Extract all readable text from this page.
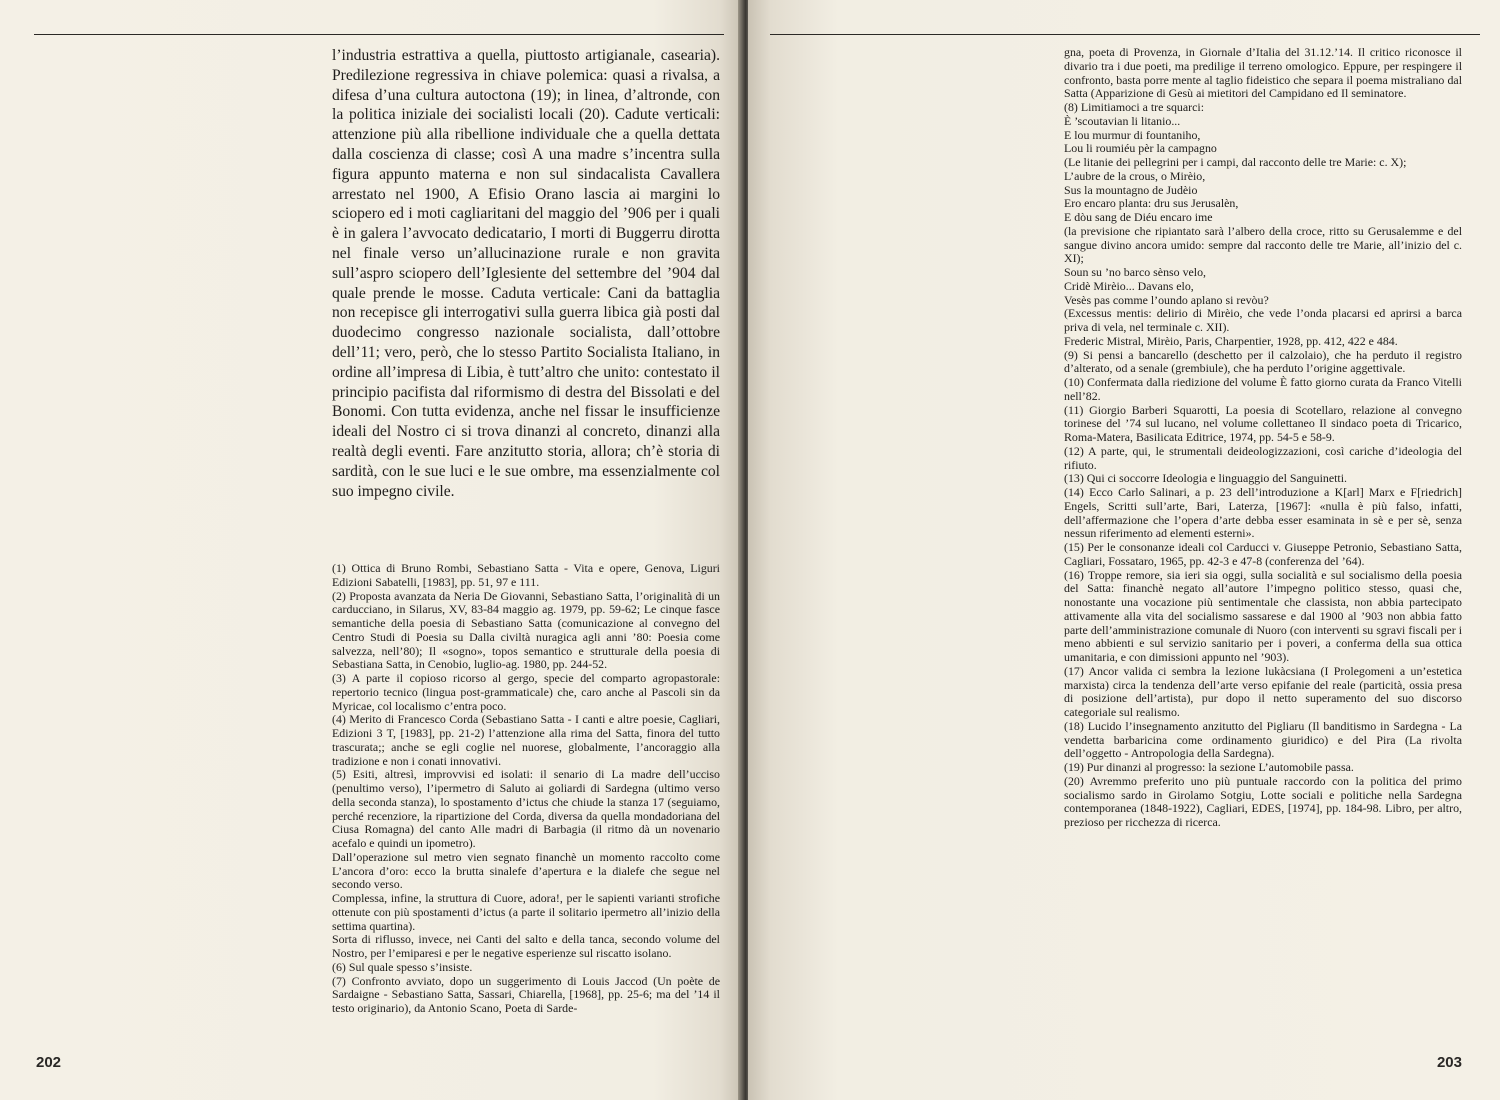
l’industria estrattiva a quella, piuttosto artigianale, casearia). Predilezione regressiva in chiave polemica: quasi a rivalsa, a difesa d’una cultura autoctona (19); in linea, d’altronde, con la politica iniziale dei socialisti locali (20). Cadute verticali: attenzione più alla ribellione individuale che a quella dettata dalla coscienza di classe; così A una madre s’incentra sulla figura appunto materna e non sul sindacalista Cavallera arrestato nel 1900, A Efisio Orano lascia ai margini lo sciopero ed i moti cagliaritani del maggio del ’906 per i quali è in galera l’avvocato dedicatario, I morti di Buggerru dirotta nel finale verso un’allucinazione rurale e non gravita sull’aspro sciopero dell’Iglesiente del settembre del ’904 dal quale prende le mosse. Caduta verticale: Cani da battaglia non recepisce gli interrogativi sulla guerra libica già posti dal duodecimo congresso nazionale socialista, dall’ottobre dell’11; vero, però, che lo stesso Partito Socialista Italiano, in ordine all’impresa di Libia, è tutt’altro che unito: contestato il principio pacifista dal riformismo di destra del Bissolati e del Bonomi. Con tutta evidenza, anche nel fissar le insufficienze ideali del Nostro ci si trova dinanzi al concreto, dinanzi alla realtà degli eventi. Fare anzitutto storia, allora; ch’è storia di sardità, con le sue luci e le sue ombre, ma essenzialmente col suo impegno civile.

(1) Ottica di Bruno Rombi, Sebastiano Satta - Vita e opere, Genova, Liguri Edizioni Sabatelli, [1983], pp. 51, 97 e 111.

(2) Proposta avanzata da Neria De Giovanni, Sebastiano Satta, l’originalità di un carducciano, in Silarus, XV, 83-84 maggio ag. 1979, pp. 59-62; Le cinque fasce semantiche della poesia di Sebastiano Satta (comunicazione al convegno del Centro Studi di Poesia su Dalla civiltà nuragica agli anni ’80: Poesia come salvezza, nell’80); Il «sogno», topos semantico e strutturale della poesia di Sebastiana Satta, in Cenobio, luglio-ag. 1980, pp. 244-52.

(3) A parte il copioso ricorso al gergo, specie del comparto agropastorale: repertorio tecnico (lingua post-grammaticale) che, caro anche al Pascoli sin da Myricae, col localismo c’entra poco.

(4) Merito di Francesco Corda (Sebastiano Satta - I canti e altre poesie, Cagliari, Edizioni 3 T, [1983], pp. 21-2) l’attenzione alla rima del Satta, finora del tutto trascurata;; anche se egli coglie nel nuorese, globalmente, l’ancoraggio alla tradizione e non i conati innovativi.

(5) Esiti, altresì, improvvisi ed isolati: il senario di La madre dell’ucciso (penultimo verso), l’ipermetro di Saluto ai goliardi di Sardegna (ultimo verso della seconda stanza), lo spostamento d’ictus che chiude la stanza 17 (seguiamo, perché recenziore, la ripartizione del Corda, diversa da quella mondadoriana del Ciusa Romagna) del canto Alle madri di Barbagia (il ritmo dà un novenario acefalo e quindi un ipometro).

Dall’operazione sul metro vien segnato financhè un momento raccolto come L’ancora d’oro: ecco la brutta sinalefe d’apertura e la dialefe che segue nel secondo verso.

Complessa, infine, la struttura di Cuore, adora!, per le sapienti varianti strofiche ottenute con più spostamenti d’ictus (a parte il solitario ipermetro all’inizio della settima quartina).

Sorta di riflusso, invece, nei Canti del salto e della tanca, secondo volume del Nostro, per l’emiparesi e per le negative esperienze sul riscatto isolano.

(6) Sul quale spesso s’insiste.

(7) Confronto avviato, dopo un suggerimento di Louis Jaccod (Un poète de Sardaigne - Sebastiano Satta, Sassari, Chiarella, [1968], pp. 25-6; ma del ’14 il testo originario), da Antonio Scano, Poeta di Sarde-

202

gna, poeta di Provenza, in Giornale d’Italia del 31.12.’14. Il critico riconosce il divario tra i due poeti, ma predilige il terreno omologico. Eppure, per respingere il confronto, basta porre mente al taglio fideistico che separa il poema mistraliano dal Satta (Apparizione di Gesù ai mietitori del Campidano ed Il seminatore.

(8) Limitiamoci a tre squarci:

È ’scoutavian li litanio...

E lou murmur di fountaniho,

Lou li roumiéu pèr la campagno

(Le litanie dei pellegrini per i campi, dal racconto delle tre Marie: c. X);

L’aubre de la crous, o Mirèio,

Sus la mountagno de Judèio

Ero encaro planta: dru sus Jerusalèn,

E dòu sang de Diéu encaro ime

(la previsione che ripiantato sarà l’albero della croce, ritto su Gerusalemme e del sangue divino ancora umido: sempre dal racconto delle tre Marie, all’inizio del c. XI);

Soun su ’no barco sènso velo,

Cridè Mirèio... Davans elo,

Vesès pas comme l’oundo aplano si revòu?

(Excessus mentis: delirio di Mirèio, che vede l’onda placarsi ed aprirsi a barca priva di vela, nel terminale c. XII).

Frederic Mistral, Mirèio, Paris, Charpentier, 1928, pp. 412, 422 e 484.

(9) Si pensi a bancarello (deschetto per il calzolaio), che ha perduto il registro d’alterato, od a senale (grembiule), che ha perduto l’origine aggettivale.

(10) Confermata dalla riedizione del volume È fatto giorno curata da Franco Vitelli nell’82.

(11) Giorgio Barberi Squarotti, La poesia di Scotellaro, relazione al convegno torinese del ’74 sul lucano, nel volume collettaneo Il sindaco poeta di Tricarico, Roma-Matera, Basilicata Editrice, 1974, pp. 54-5 e 58-9.

(12) A parte, qui, le strumentali deideologizzazioni, così cariche d’ideologia del rifiuto.

(13) Qui ci soccorre Ideologia e linguaggio del Sanguinetti.

(14) Ecco Carlo Salinari, a p. 23 dell’introduzione a K[arl] Marx e F[riedrich] Engels, Scritti sull’arte, Bari, Laterza, [1967]: «nulla è più falso, infatti, dell’affermazione che l’opera d’arte debba esser esaminata in sè e per sè, senza nessun riferimento ad elementi esterni».

(15) Per le consonanze ideali col Carducci v. Giuseppe Petronio, Sebastiano Satta, Cagliari, Fossataro, 1965, pp. 42-3 e 47-8 (conferenza del ’64).

(16) Troppe remore, sia ieri sia oggi, sulla socialità e sul socialismo della poesia del Satta: financhè negato all’autore l’impegno politico stesso, quasi che, nonostante una vocazione più sentimentale che classista, non abbia partecipato attivamente alla vita del socialismo sassarese e dal 1900 al ’903 non abbia fatto parte dell’amministrazione comunale di Nuoro (con interventi su sgravi fiscali per i meno abbienti e sul servizio sanitario per i poveri, a conferma della sua ottica umanitaria, e con dimissioni appunto nel ’903).

(17) Ancor valida ci sembra la lezione lukàcsiana (I Prolegomeni a un’estetica marxista) circa la tendenza dell’arte verso epifanie del reale (particità, ossia presa di posizione dell’artista), pur dopo il netto superamento del suo discorso categoriale sul realismo.

(18) Lucido l’insegnamento anzitutto del Pigliaru (Il banditismo in Sardegna - La vendetta barbaricina come ordinamento giuridico) e del Pira (La rivolta dell’oggetto - Antropologia della Sardegna).

(19) Pur dinanzi al progresso: la sezione L’automobile passa.

(20) Avremmo preferito uno più puntuale raccordo con la politica del primo socialismo sardo in Girolamo Sotgiu, Lotte sociali e politiche nella Sardegna contemporanea (1848-1922), Cagliari, EDES, [1974], pp. 184-98. Libro, per altro, prezioso per ricchezza di ricerca.

203
